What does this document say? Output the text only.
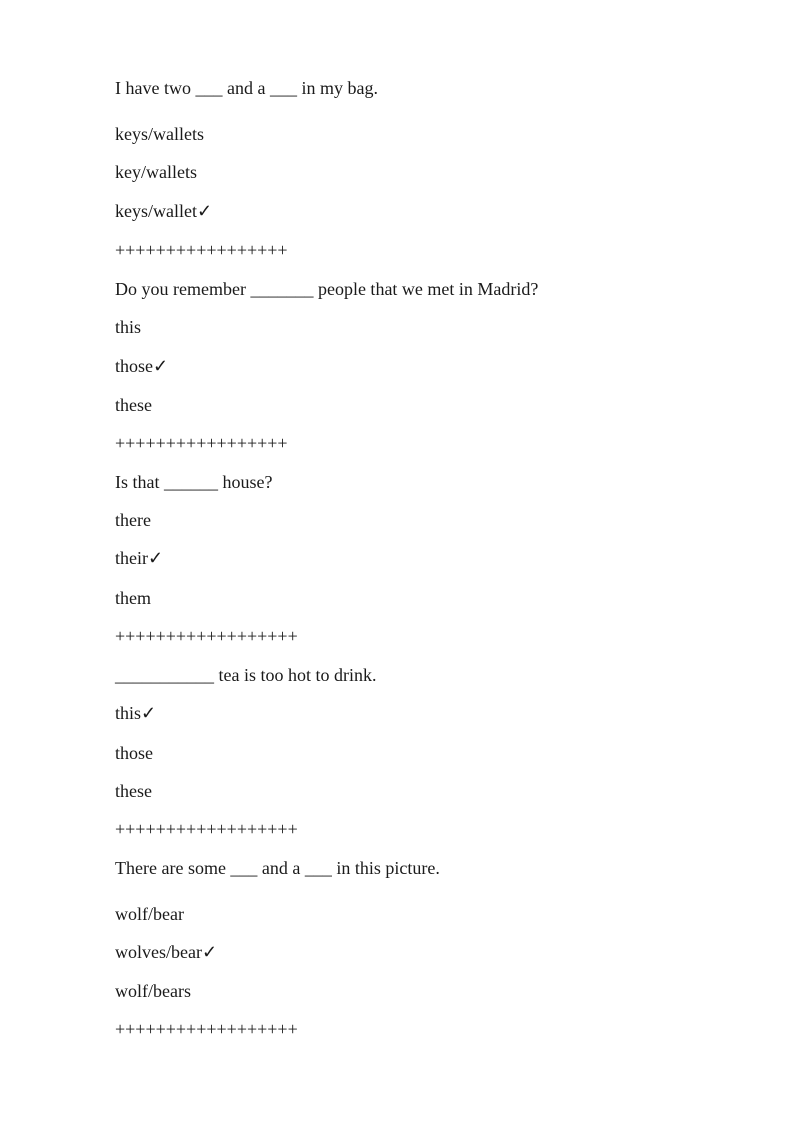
I have two ___ and a ___ in my bag.
keys/wallets
key/wallets
keys/wallet✓
+++++++++++++++++
Do you remember _______ people that we met in Madrid?
this
those✓
these
+++++++++++++++++
Is that ______ house?
there
their✓
them
++++++++++++++++++
___________ tea is too hot to drink.
this✓
those
these
++++++++++++++++++
There are some ___ and a ___ in this picture.
wolf/bear
wolves/bear✓
wolf/bears
++++++++++++++++++
